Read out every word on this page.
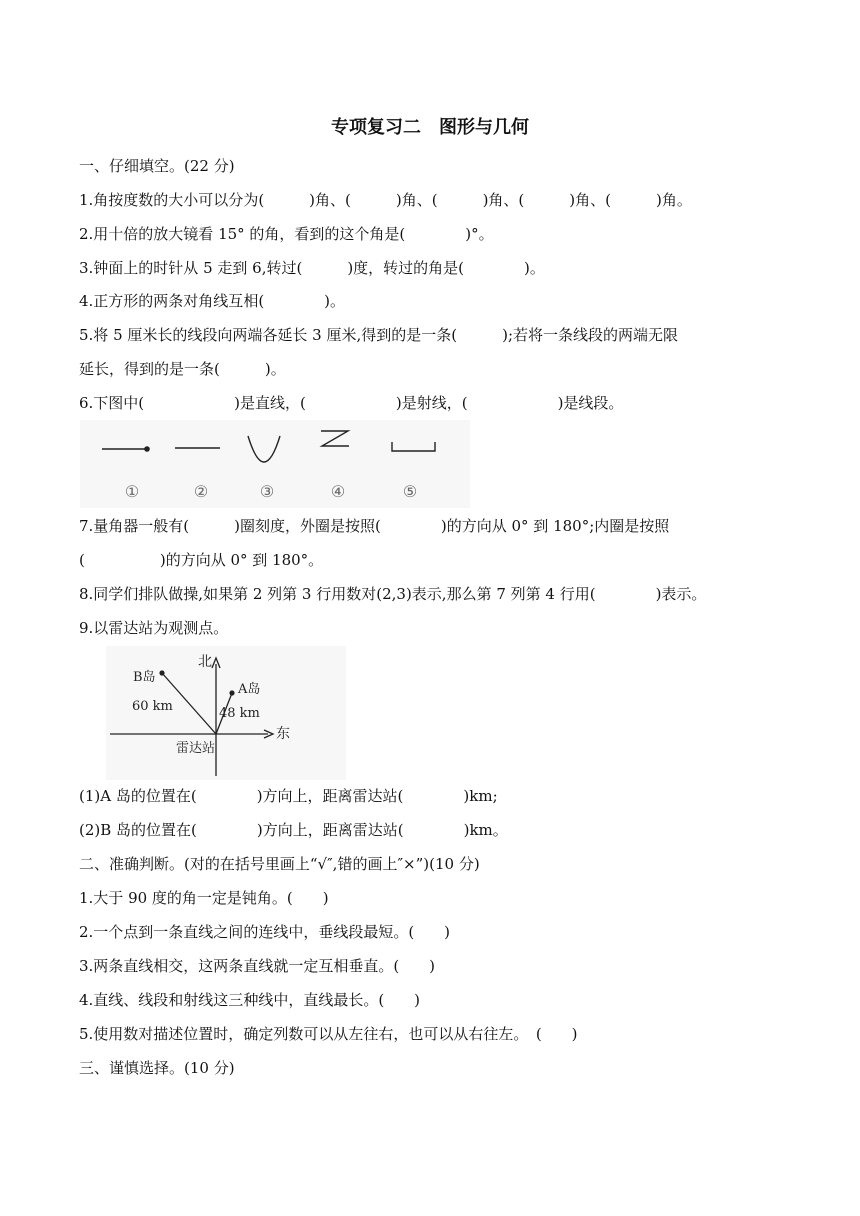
专项复习二　图形与几何
一、仔细填空。(22 分)
1.角按度数的大小可以分为(　　　)角、(　　　)角、(　　　)角、(　　　)角、(　　　)角。
2.用十倍的放大镜看 15° 的角，看到的这个角是(　　　　)°。
3.钟面上的时针从 5 走到 6,转过(　　　)度，转过的角是(　　　　)。
4.正方形的两条对角线互相(　　　　)。
5.将 5 厘米长的线段向两端各延长 3 厘米,得到的是一条(　　　);若将一条线段的两端无限
延长，得到的是一条(　　　)。
6.下图中(　　　　　　)是直线，(　　　　　　)是射线，(　　　　　　)是线段。
①	②	③	④	⑤
7.量角器一般有(　　　)圈刻度，外圈是按照(　　　　)的方向从 0° 到 180°;内圈是按照
(　　　　　)的方向从 0° 到 180°。
8.同学们排队做操,如果第 2 列第 3 行用数对(2,3)表示,那么第 7 列第 4 行用(　　　　)表示。
9.以雷达站为观测点。
北
东
雷达站
B岛
A岛
60 km	48 km
(1)A 岛的位置在(　　　　)方向上，距离雷达站(　　　　)km;
(2)B 岛的位置在(　　　　)方向上，距离雷达站(　　　　)km。
二、准确判断。(对的在括号里画上“√″,错的画上″×”)(10 分)
1.大于 90 度的角一定是钝角。(　　)
2.一个点到一条直线之间的连线中，垂线段最短。(　　)
3.两条直线相交，这两条直线就一定互相垂直。(　　)
4.直线、线段和射线这三种线中，直线最长。(　　)
5.使用数对描述位置时，确定列数可以从左往右，也可以从右往左。　(　　)
三、谨慎选择。(10 分)
